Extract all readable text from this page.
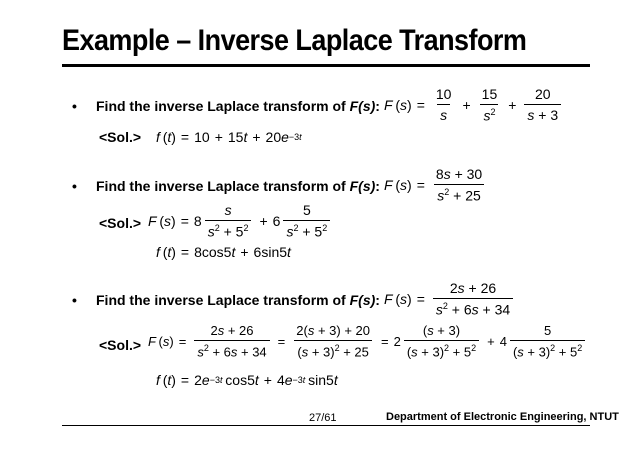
Example – Inverse Laplace Transform
• Find the inverse Laplace transform of F(s): F  ( s ) = $\frac{10}{s} + \frac{15}{s^2} + \frac{20}{s + 3}$
<Sol.> f  ( t ) = 10 + 15 t + 20 e −3t
• Find the inverse Laplace transform of F(s): F  ( s ) = $\frac{8s + 30}{s^2 + 25}$
<Sol.> F  ( s ) = $8 \frac{s}{s^2 + 5^2} + 6 \frac{5}{s^2 + 5^2}$
f  ( t ) = 8cos5 t + 6sin5 t
• Find the inverse Laplace transform of F(s): F  ( s ) = $\frac{2s + 26}{s^2 + 6s + 34}$
<Sol.> F  ( s ) = $\frac{2s + 26}{s^2 + 6s + 34} = \frac{2(s + 3) + 20}{(s + 3)^2 + 25} = 2 \frac{(s + 3)}{(s + 3)^2 + 5^2} + 4 \frac{5}{(s + 3)^2 + 5^2}$
f  ( t ) = 2 e −3t  cos5 t + 4 e −3t  sin5 t
27/61	Department of Electronic Engineering, NTUT
